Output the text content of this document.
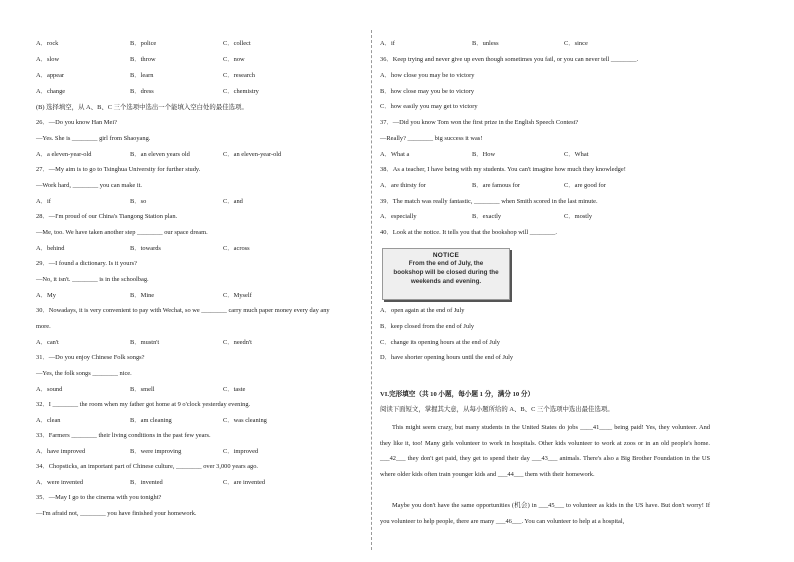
A．rock	B．police	C．collect
A．slow	B．throw	C．now
A．appear	B．learn	C．research
A．change	B．dress	C．chemistry
(B) 选择填空，从 A、B、C 三个选项中选出一个能填入空白处的最佳选项。
26．—Do you know Han Mei?
—Yes. She is ________ girl from Shaoyang.
A．a eleven-year-old	B．an eleven years old	C．an eleven-year-old
27．—My aim is to go to Tsinghua University for further study.
—Work hard, ________ you can make it.
A．if	B．so	C．and
28．—I'm proud of our China's Tiangong Station plan.
—Me, too. We have taken another step ________ our space dream.
A．behind	B．towards	C．across
29．—I found a dictionary. Is it yours?
—No, it isn't. ________ is in the schoolbag.
A．My	B．Mine	C．Myself
30．Nowadays, it is very convenient to pay with Wechat, so we ________ carry much paper money every day any
more.
A．can't	B．mustn't	C．needn't
31．—Do you enjoy Chinese Folk songs?
—Yes, the folk songs ________ nice.
A．sound	B．smell	C．taste
32．I ________ the room when my father got home at 9 o'clock yesterday evening.
A．clean	B．am cleaning	C．was cleaning
33．Farmers ________ their living conditions in the past few years.
A．have improved	B．were improving	C．improved
34．Chopsticks, an important part of Chinese culture, ________ over 3,000 years ago.
A．were invented	B．invented	C．are invented
35．—May I go to the cinema with you tonight?
—I'm afraid not, ________ you have finished your homework.
A．if	B．unless	C．since
36．Keep trying and never give up even though sometimes you fail, or you can never tell ________.
A．how close you may be to victory
B．how close may you be to victory
C．how easily you may get to victory
37．—Did you know Tom won the first prize in the English Speech Contest?
—Really? ________ big success it was!
A．What a	B．How	C．What
38．As a teacher, I have being with my students. You can't imagine how much they knowledge!
A．are thirsty for	B．are famous for	C．are good for
39．The match was really fantastic, ________ when Smith scored in the last minute.
A．especially	B．exactly	C．mostly
40．Look at the notice. It tells you that the bookshop will ________.
A．open again at the end of July
B．keep closed from the end of July
C．change its opening hours at the end of July
D．have shorter opening hours until the end of July
VI.完形填空（共 10 小题，每小题 1 分，满分 10 分）
阅读下面短文，掌握其大意，从每小题所给的 A、B、C 三个选项中选出最佳选项。
This might seem crazy, but many students in the United States do jobs ____41____ being paid! Yes, they volunteer. And they like it, too! Many girls volunteer to work in hospitals. Other kids volunteer to work at zoos or in an old people's home. ___42___ they don't get paid, they get to spend their day ___43___ animals. There's also a Big Brother Foundation in the US where older kids often train younger kids and ___44___ them with their homework.
Maybe you don't have the same opportunities (机会) in ___45___ to volunteer as kids in the US have. But don't worry! If you volunteer to help people, there are many ___46___. You can volunteer to help at a hospital,
NOTICE
From the end of July, the
bookshop will be closed during the
weekends and evening.
